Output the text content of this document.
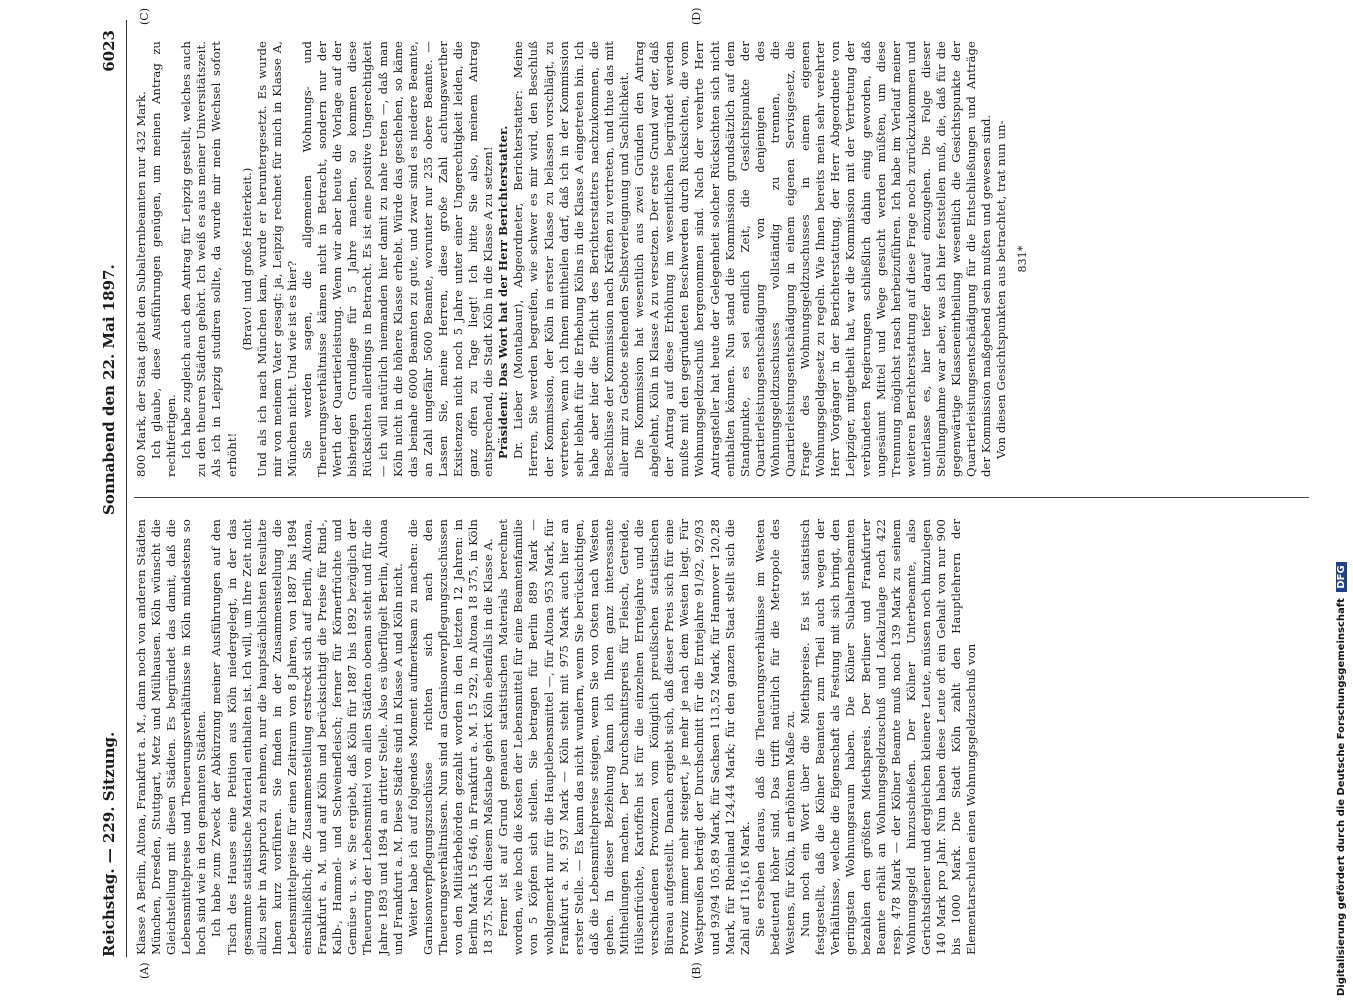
Reichstag. — 229. Sitzung.
Sonnabend den 22. Mai 1897.
6023
(A)	(B)
(C)	(D)

Klasse A Berlin, Altona, Frankfurt a. M., dann noch von anderen Städten München, Dresden, Stuttgart, Metz und Mülhausen. Köln wünscht die Gleichstellung mit diesen Städten. Es begründet das damit, daß die Lebensmittelpreise und Theuerungsverhältnisse in Köln mindestens so hoch sind wie in den genannten Städten. Ich habe zum Zweck der Abkürzung meiner Ausführungen auf den Tisch des Hauses eine Petition aus Köln niedergelegt, in der das gesammte statistische Material enthalten ist. Ich will, um Ihre Zeit nicht allzu sehr in Anspruch zu nehmen, nur die hauptsächlichsten Resultate Ihnen kurz vorführen. Sie finden in der Zusammenstellung die Lebensmittelpreise für einen Zeitraum von 8 Jahren, von 1887 bis 1894 einschließlich; die Zusammenstellung erstreckt sich auf Berlin, Altona, Frankfurt a. M. und auf Köln und berücksichtigt die Preise für Rind-, Kalb-, Hammel- und Schweinefleisch; ferner für Körnerfrüchte und Gemüse u. s. w. Sie ergiebt, daß Köln für 1887 bis 1892 bezüglich der Theuerung der Lebensmittel von allen Städten obenan steht und für die Jahre 1893 und 1894 an dritter Stelle. Also es überflügelt Berlin, Altona und Frankfurt a. M. Diese Städte sind in Klasse A und Köln nicht. Weiter habe ich auf folgendes Moment aufmerksam zu machen: die Garnisonverpflegungszuschüsse richten sich nach den Theuerungsverhältnissen. Nun sind an Garnisonverpflegungszuschüssen von den Militärbehörden gezahlt worden in den letzten 12 Jahren: in Berlin Mark 15 646, in Frankfurt a. M. 15 292, in Altona 18 375, in Köln 18 375. Nach diesem Maßstabe gehört Köln ebenfalls in die Klasse A. Ferner ist auf Grund genauen statistischen Materials berechnet worden, wie hoch die Kosten der Lebensmittel für eine Beamtenfamilie von 5 Köpfen sich stellen. Sie betragen für Berlin 889 Mark — wohlgemerkt nur für die Hauptlebensmittel —, für Altona 953 Mark, für Frankfurt a. M. 937 Mark — Köln steht mit 975 Mark auch hier an erster Stelle. — Es kann das nicht wundern, wenn Sie berücksichtigen, daß die Lebensmittelpreise steigen, wenn Sie von Osten nach Westen gehen. In dieser Beziehung kann ich Ihnen ganz interessante Mittheilungen machen. Der Durchschnittspreis für Fleisch, Getreide, Hülsenfrüchte, Kartoffeln ist für die einzelnen Erntejahre und die verschiedenen Provinzen vom Königlich preußischen statistischen Büreau aufgestellt. Danach ergiebt sich, daß dieser Preis sich für eine Provinz immer mehr steigert, je mehr je nach dem Westen liegt. Für Westpreußen beträgt der Durchschnitt für die Erntejahre 91/92, 92/93 und 93/94 105,89 Mark, für Sachsen 113,52 Mark, für Hannover 120,28 Mark, für Rheinland 124,44 Mark; für den ganzen Staat stellt sich die Zahl auf 116,16 Mark. Sie ersehen daraus, daß die Theuerungsverhältnisse im Westen bedeutend höher sind. Das trifft natürlich für die Metropole des Westens, für Köln, in erhöhtem Maße zu. Nun noch ein Wort über die Miethspreise. Es ist statistisch festgestellt, daß die Kölner Beamten zum Theil auch wegen der Verhältnisse, welche die Eigenschaft als Festung mit sich bringt, den geringsten Wohnungsraum haben. Die Kölner Subalternbeamten bezahlen den größten Miethspreis. Der Berliner und Frankfurter Beamte erhält an Wohnungsgeldzuschuß und Lokalzulage noch 422 resp. 478 Mark — der Kölner Beamte muß noch 139 Mark zu seinem Wohnungsgeld hinzuschießen. Der Kölner Unterbeamte, also Gerichtsdiener und dergleichen kleinere Leute, müssen noch hinzulegen 140 Mark pro Jahr. Nun haben diese Leute oft ein Gehalt von nur 900 bis 1000 Mark. Die Stadt Köln zahlt den Hauptlehrern der Elementarschulen einen Wohnungsgeldzuschuß von

800 Mark, der Staat giebt den Subalternbeamten nur 432 Mark. Ich glaube, diese Ausführungen genügen, um meinen Antrag zu rechtfertigen. Ich habe zugleich auch den Antrag für Leipzig gestellt, welches auch zu den theuren Städten gehört. Ich weiß es aus meiner Universitätszeit. Als ich in Leipzig studiren sollte, da wurde mir mein Wechsel sofort erhöht!

(Bravo! und große Heiterkeit.) Und als ich nach München kam, wurde er heruntergesetzt. Es wurde mir von meinem Vater gesagt: ja, Leipzig rechnet für mich in Klasse A, München nicht. Und wie ist es hier? Sie werden sagen, die allgemeinen Wohnungs- und Theuerungsverhältnisse kämen nicht in Betracht, sondern nur der Werth der Quartierleistung. Wenn wir aber heute die Vorlage auf der bisherigen Grundlage für 5 Jahre machen, so kommen diese Rücksichten allerdings in Betracht. Es ist eine positive Ungerechtigkeit — ich will natürlich niemanden hier damit zu nahe treten —, daß man Köln nicht in die höhere Klasse erhebt. Würde das geschehen, so käme das beinahe 6000 Beamten zu gute, und zwar sind es niedere Beamte, an Zahl ungefähr 5600 Beamte, worunter nur 235 obere Beamte. — Lassen Sie, meine Herren, diese große Zahl achtungswerther Existenzen nicht noch 5 Jahre unter einer Ungerechtigkeit leiden, die ganz offen zu Tage liegt! Ich bitte Sie also, meinem Antrag entsprechend, die Stadt Köln in die Klasse A zu setzen! Präsident: Das Wort hat der Herr Berichterstatter. Dr. Lieber (Montabaur), Abgeordneter, Berichterstatter: Meine Herren, Sie werden begreifen, wie schwer es mir wird, den Beschluß der Kommission, der Köln in erster Klasse zu belassen vorschlägt, zu vertreten, wenn ich Ihnen mittheilen darf, daß ich in der Kommission sehr lebhaft für die Erhebung Kölns in die Klasse A eingetreten bin. Ich habe aber hier die Pflicht des Berichterstatters nachzukommen, die Beschlüsse der Kommission nach Kräften zu vertreten, und thue das mit aller mir zu Gebote stehenden Selbstverleugnung und Sachlichkeit. Die Kommission hat wesentlich aus zwei Gründen den Antrag abgelehnt, Köln in Klasse A zu versetzen. Der erste Grund war der, daß der Antrag auf diese Erhöhung im wesentlichen begründet werden mußte mit den gegründeten Beschwerden durch Rücksichten, die vom Wohnungsgeldzuschuß hergenommen sind. Nach der verehrte Herr Antragsteller hat heute der Gelegenheit solcher Rücksichten sich nicht enthalten können. Nun stand die Kommission grundsätzlich auf dem Standpunkte, es sei endlich Zeit, die Gesichtspunkte der Quartierleistungsentschädigung von denjenigen des Wohnungsgeldzuschusses vollständig zu trennen, die Quartierleistungsentschädigung in einem eigenen Servisgesetz, die Frage des Wohnungsgeldzuschusses in einem eigenen Wohnungsgeldgesetz zu regeln. Wie Ihnen bereits mein sehr verehrter Herr Vorgänger in der Berichterstattung, der Herr Abgeordnete von Leipziger, mitgetheilt hat, war die Kommission mit der Vertretung der verbündeten Regierungen schließlich dahin einig geworden, daß ungesäumt Mittel und Wege gesucht werden müßten, um diese Trennung möglichst rasch herbeizuführen. Ich habe im Verlauf meiner weiteren Berichterstattung auf diese Frage noch zurückzukommen und unterlasse es, hier tiefer darauf einzugehen. Die Folge dieser Stellungnahme war aber, was ich hier feststellen muß, die, daß für die gegenwärtige Klasseneintheilung wesentlich die Gesichtspunkte der Quartierleistungsentschädigung für die Entschließungen und Anträge der Kommission maßgebend sein mußten und gewesen sind. Von diesen Gesichtspunkten aus betrachtet, trat nun un- 831*
Digitalisierung gefördert durch die Deutsche Forschungsgemeinschaft DFG
